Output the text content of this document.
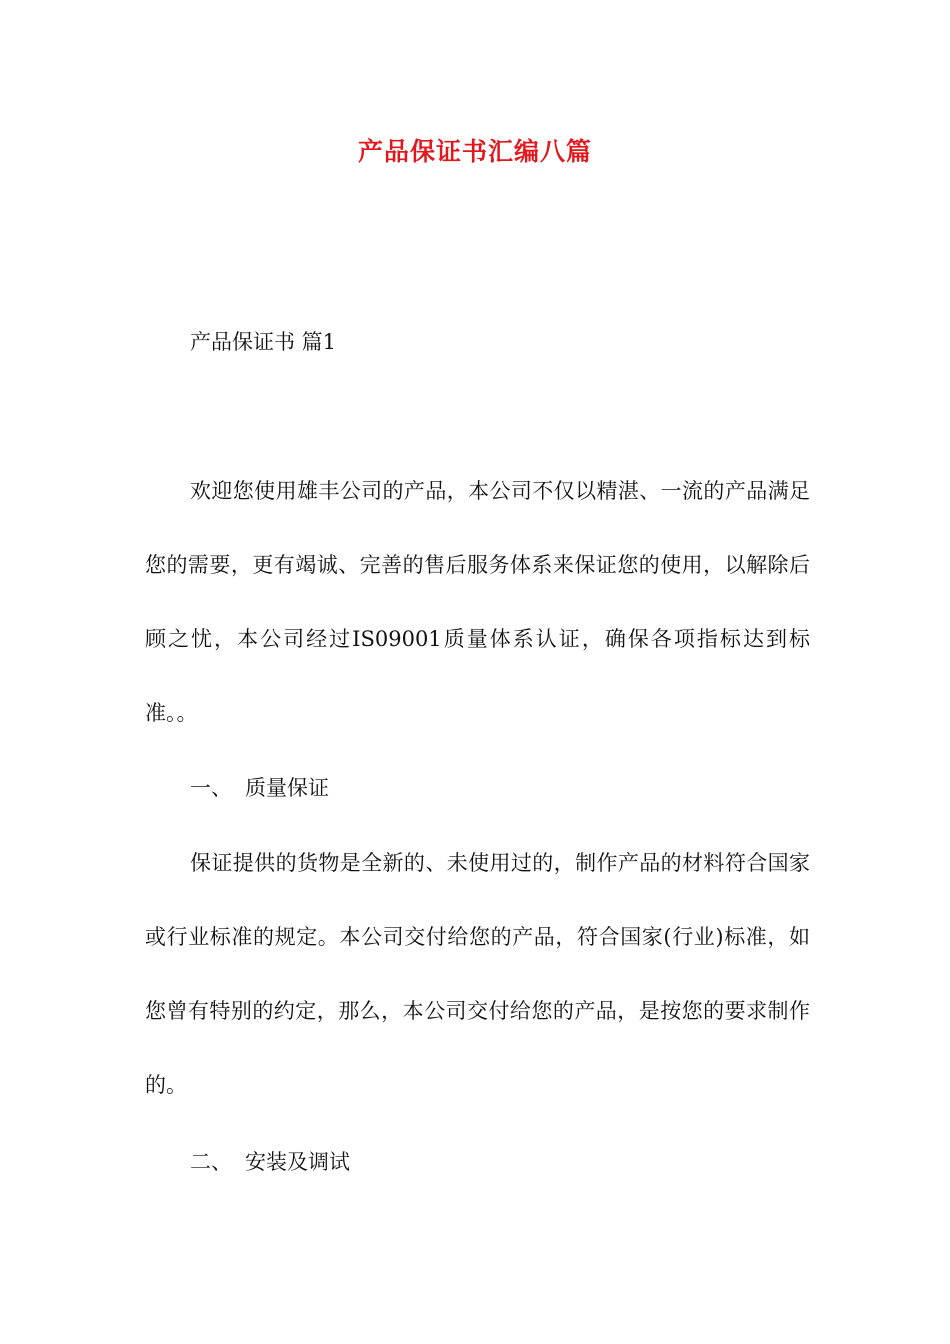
产品保证书汇编八篇
产品保证书 篇1
欢迎您使用雄丰公司的产品，本公司不仅以精湛、一流的产品满足您的需要，更有竭诚、完善的售后服务体系来保证您的使用，以解除后顾之忧，本公司经过IS09001质量体系认证，确保各项指标达到标准。。
一、 质量保证
保证提供的货物是全新的、未使用过的，制作产品的材料符合国家或行业标准的规定。本公司交付给您的产品，符合国家(行业)标准，如您曾有特别的约定，那么，本公司交付给您的产品，是按您的要求制作的。
二、 安装及调试
